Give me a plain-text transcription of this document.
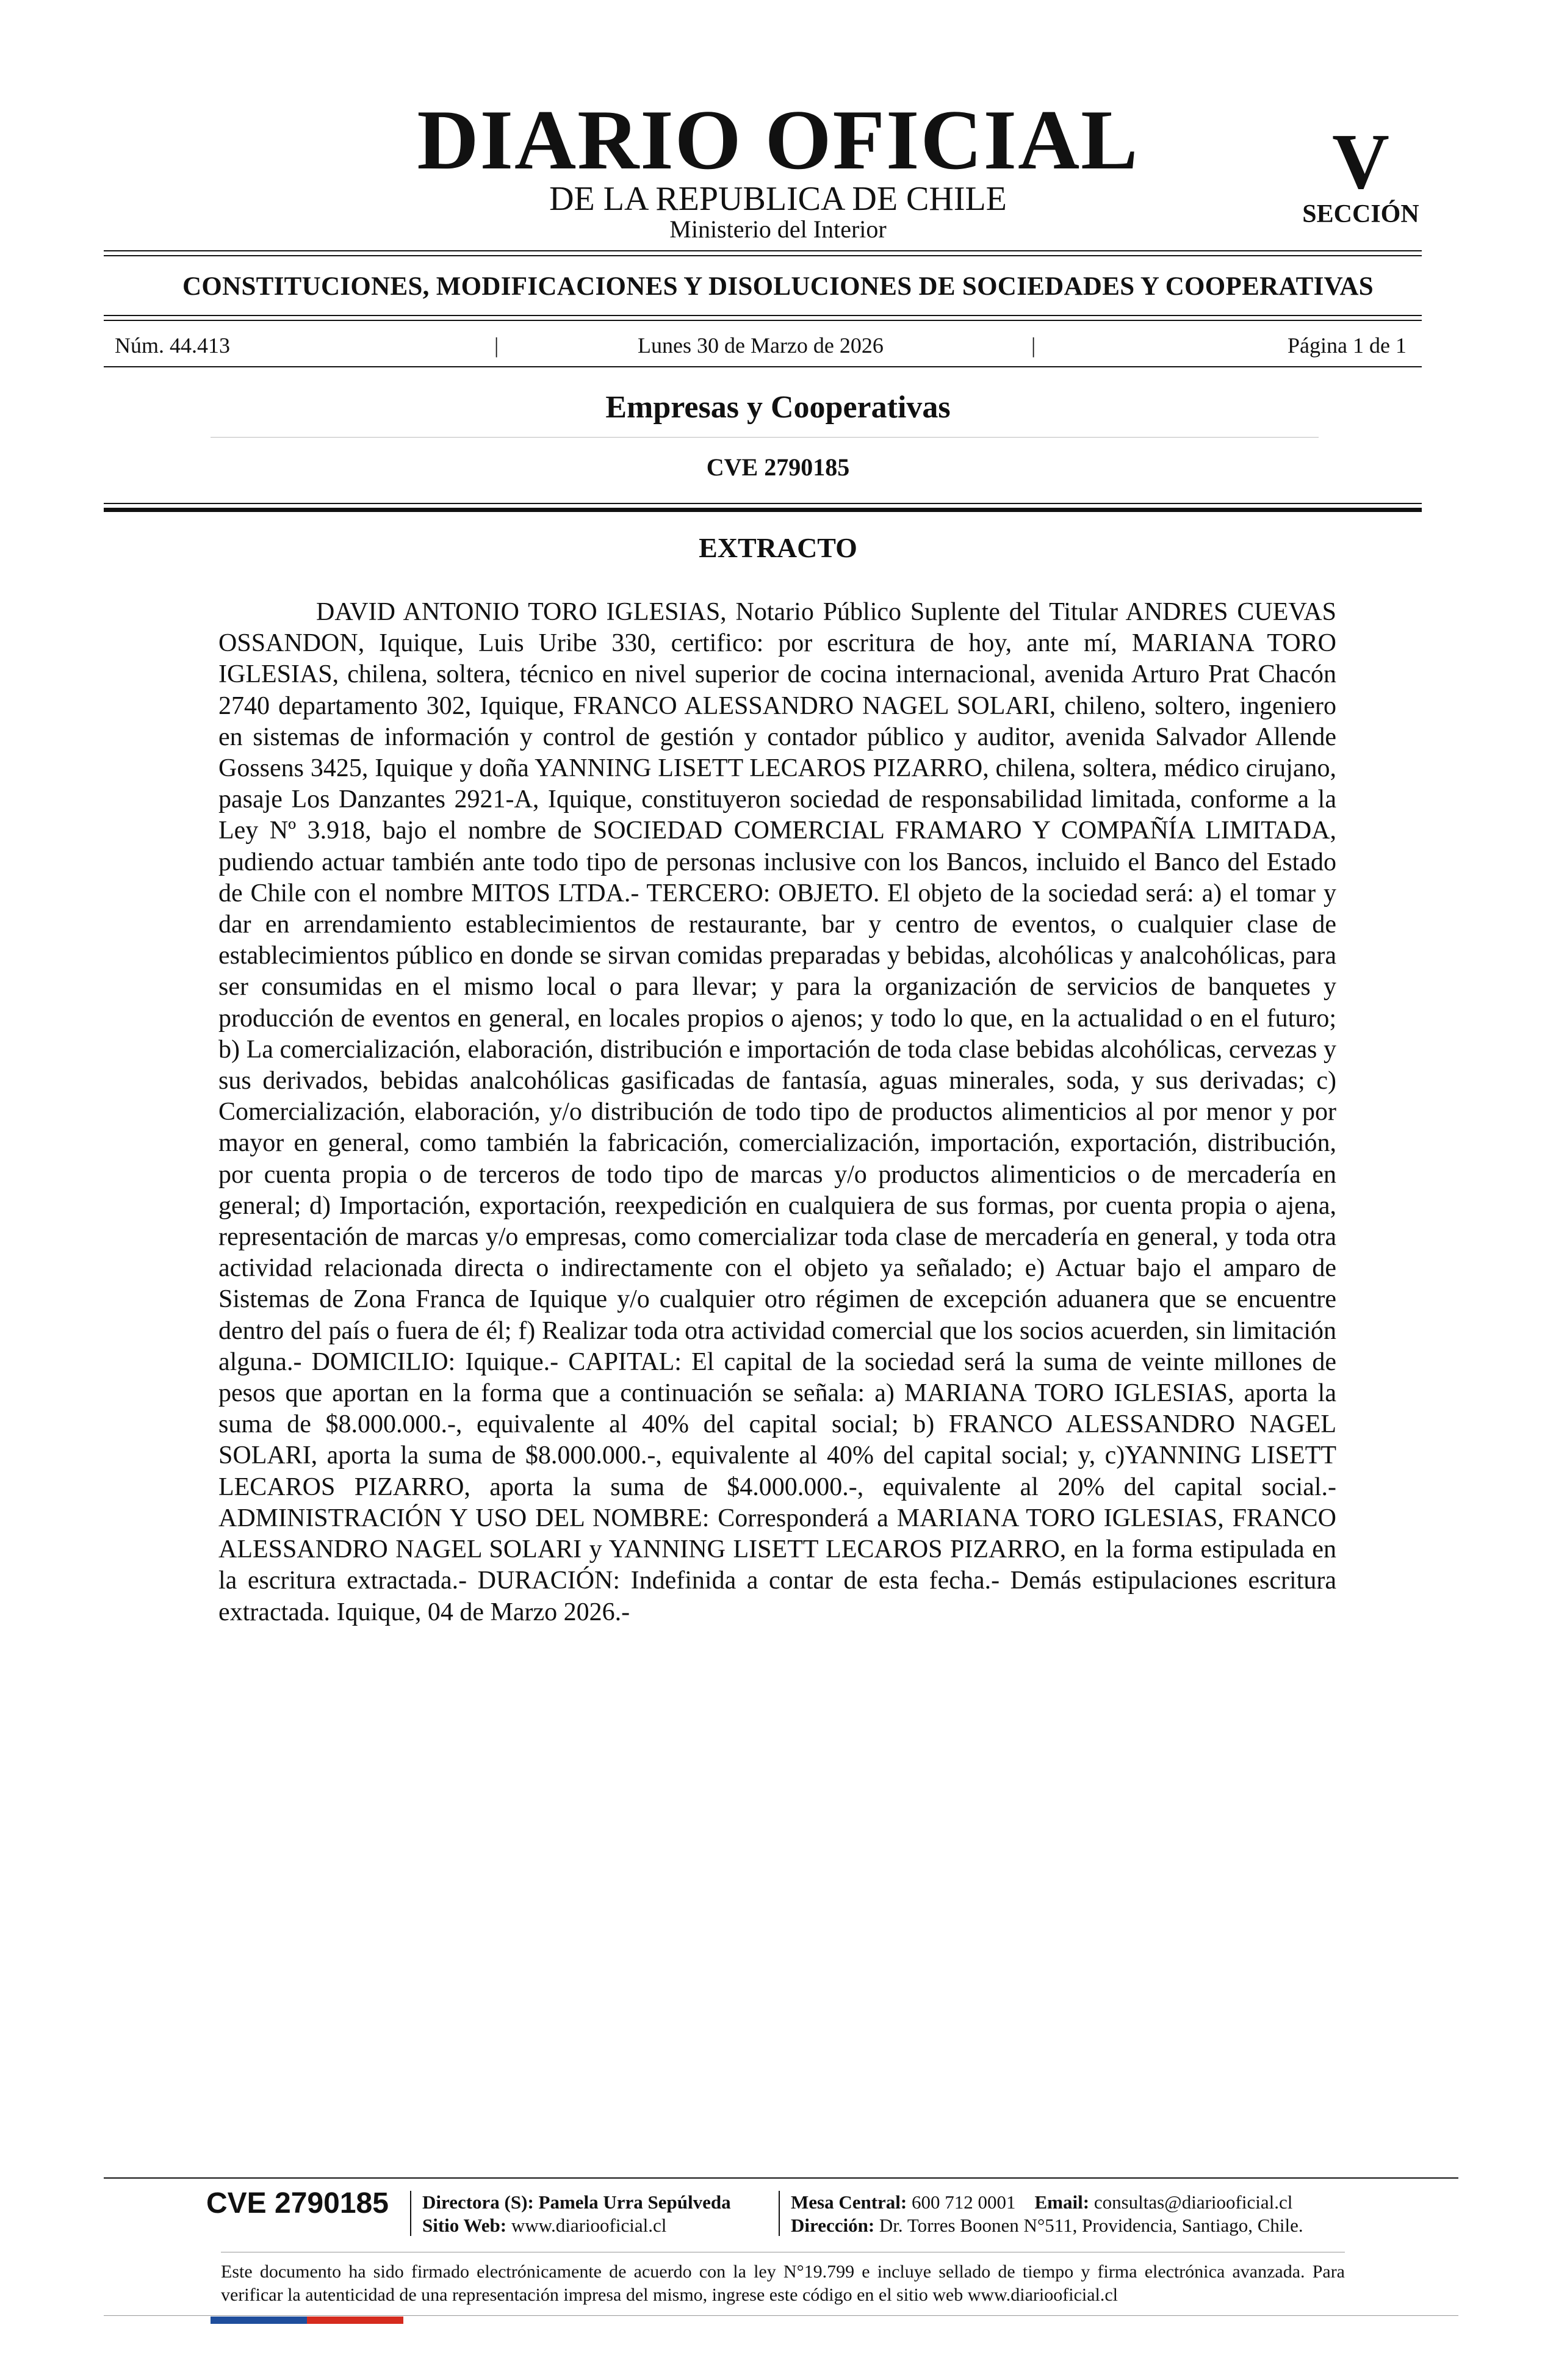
DIARIO OFICIAL
DE LA REPUBLICA DE CHILE
Ministerio del Interior
V
SECCIÓN
CONSTITUCIONES, MODIFICACIONES Y DISOLUCIONES DE SOCIEDADES Y COOPERATIVAS
Núm. 44.413	|	Lunes 30 de Marzo de 2026	|	Página 1 de 1
Empresas y Cooperativas
CVE 2790185
EXTRACTO
DAVID ANTONIO TORO IGLESIAS, Notario Público Suplente del Titular ANDRES CUEVAS OSSANDON, Iquique, Luis Uribe 330, certifico: por escritura de hoy, ante mí, MARIANA TORO IGLESIAS, chilena, soltera, técnico en nivel superior de cocina internacional, avenida Arturo Prat Chacón 2740 departamento 302, Iquique, FRANCO ALESSANDRO NAGEL SOLARI, chileno, soltero, ingeniero en sistemas de información y control de gestión y contador público y auditor, avenida Salvador Allende Gossens 3425, Iquique y doña YANNING LISETT LECAROS PIZARRO, chilena, soltera, médico cirujano, pasaje Los Danzantes 2921-A, Iquique, constituyeron sociedad de responsabilidad limitada, conforme a la Ley Nº 3.918, bajo el nombre de SOCIEDAD COMERCIAL FRAMARO Y COMPAÑÍA LIMITADA, pudiendo actuar también ante todo tipo de personas inclusive con los Bancos, incluido el Banco del Estado de Chile con el nombre MITOS LTDA.- TERCERO: OBJETO. El objeto de la sociedad será: a) el tomar y dar en arrendamiento establecimientos de restaurante, bar y centro de eventos, o cualquier clase de establecimientos público en donde se sirvan comidas preparadas y bebidas, alcohólicas y analcohólicas, para ser consumidas en el mismo local o para llevar; y para la organización de servicios de banquetes y producción de eventos en general, en locales propios o ajenos; y todo lo que, en la actualidad o en el futuro; b) La comercialización, elaboración, distribución e importación de toda clase bebidas alcohólicas, cervezas y sus derivados, bebidas analcohólicas gasificadas de fantasía, aguas minerales, soda, y sus derivadas; c) Comercialización, elaboración, y/o distribución de todo tipo de productos alimenticios al por menor y por mayor en general, como también la fabricación, comercialización, importación, exportación, distribución, por cuenta propia o de terceros de todo tipo de marcas y/o productos alimenticios o de mercadería en general; d) Importación, exportación, reexpedición en cualquiera de sus formas, por cuenta propia o ajena, representación de marcas y/o empresas, como comercializar toda clase de mercadería en general, y toda otra actividad relacionada directa o indirectamente con el objeto ya señalado; e) Actuar bajo el amparo de Sistemas de Zona Franca de Iquique y/o cualquier otro régimen de excepción aduanera que se encuentre dentro del país o fuera de él; f) Realizar toda otra actividad comercial que los socios acuerden, sin limitación alguna.- DOMICILIO: Iquique.- CAPITAL: El capital de la sociedad será la suma de veinte millones de pesos que aportan en la forma que a continuación se señala: a) MARIANA TORO IGLESIAS, aporta la suma de $8.000.000.-, equivalente al 40% del capital social; b) FRANCO ALESSANDRO NAGEL SOLARI, aporta la suma de $8.000.000.-, equivalente al 40% del capital social; y, c)YANNING LISETT LECAROS PIZARRO, aporta la suma de $4.000.000.-, equivalente al 20% del capital social.- ADMINISTRACIÓN Y USO DEL NOMBRE: Corresponderá a MARIANA TORO IGLESIAS, FRANCO ALESSANDRO NAGEL SOLARI y YANNING LISETT LECAROS PIZARRO, en la forma estipulada en la escritura extractada.- DURACIÓN: Indefinida a contar de esta fecha.- Demás estipulaciones escritura extractada. Iquique, 04 de Marzo 2026.-
CVE 2790185 Directora (S): Pamela Urra Sepúlveda
Sitio Web: www.diariooficial.cl
Mesa Central: 600 712 0001 Email: consultas@diariooficial.cl
Dirección: Dr. Torres Boonen N°511, Providencia, Santiago, Chile.
Este documento ha sido firmado electrónicamente de acuerdo con la ley N°19.799 e incluye sellado de tiempo y firma electrónica avanzada. Para verificar la autenticidad de una representación impresa del mismo, ingrese este código en el sitio web www.diariooficial.cl
